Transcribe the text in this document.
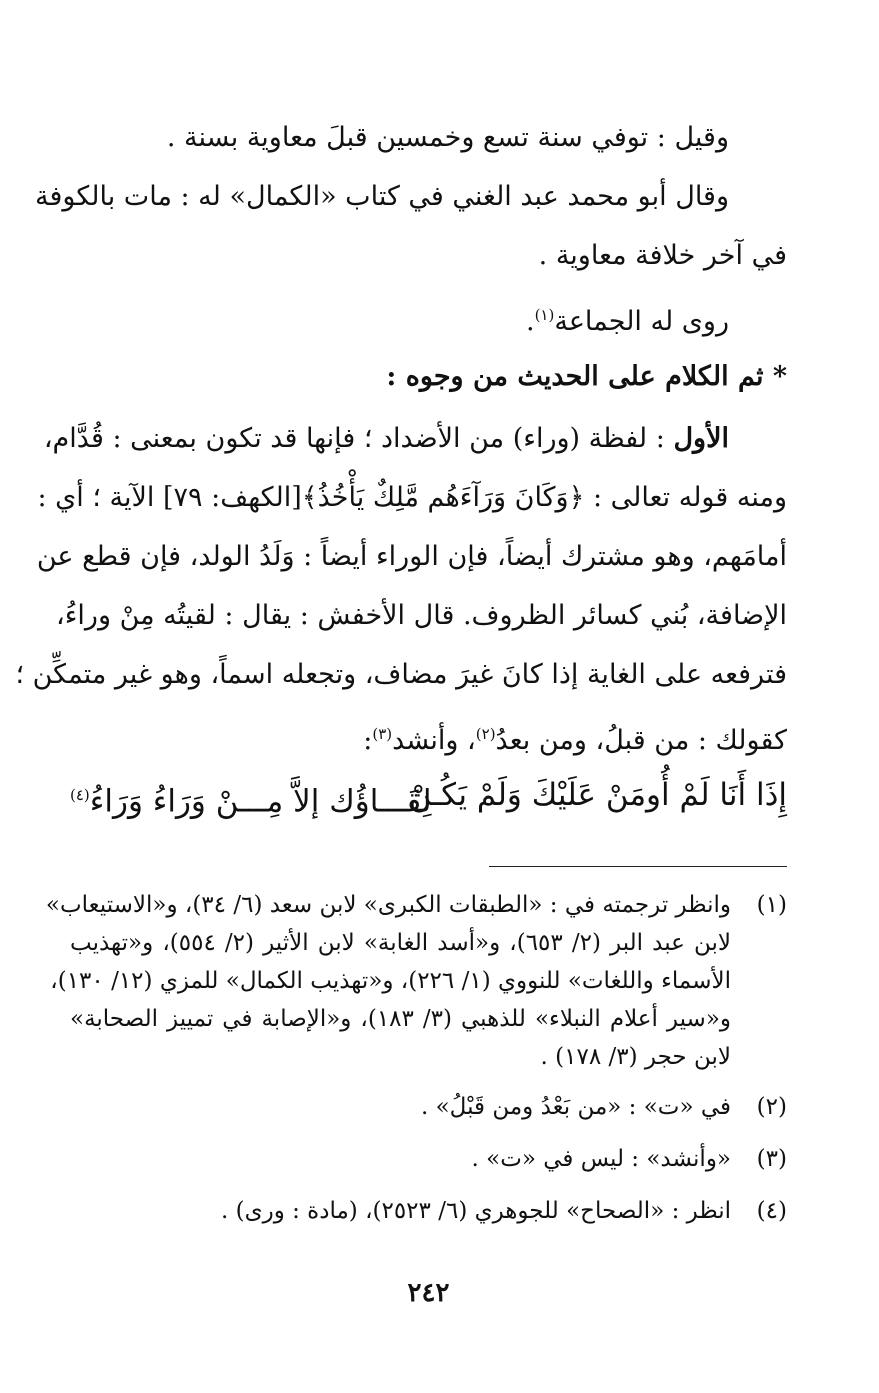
وقيل : توفي سنة تسع وخمسين قبلَ معاوية بسنة .
وقال أبو محمد عبد الغني في كتاب «الكمال» له : مات بالكوفة
في آخر خلافة معاوية .
روى له الجماعة$^{(١)}$.
* ثم الكلام على الحديث من وجوه :
الأول : لفظة (وراء) من الأضداد ؛ فإنها قد تكون بمعنى : قُدَّام،
ومنه قوله تعالى : ﴿وَكَانَ وَرَآءَهُم مَّلِكٌ يَأْخُذُ﴾[الكهف: ٧٩] الآية ؛ أي :
أمامَهم، وهو مشترك أيضاً، فإن الوراء أيضاً : وَلَدُ الولد، فإن قطع عن
الإضافة، بُني كسائر الظروف. قال الأخفش : يقال : لقيتُه مِنْ وراءُ،
فترفعه على الغاية إذا كانَ غيرَ مضاف، وتجعله اسماً، وهو غير متمكِّن ؛
كقولك : من قبلُ، ومن بعدُ$^{(٢)}$، وأنشد$^{(٣)}$:
إِذَا أَنَا لَمْ أُومَنْ عَلَيْكَ وَلَمْ يَكُـنْ
لِقَـــاؤُك إلاَّ مِـــنْ وَرَاءُ وَرَاءُ$^{(٤)}$
(١)
وانظر ترجمته في : «الطبقات الكبرى» لابن سعد (٦/ ٣٤)، و«الاستيعاب»
لابن عبد البر (٢/ ٦٥٣)، و«أسد الغابة» لابن الأثير (٢/ ٥٥٤)، و«تهذيب
الأسماء واللغات» للنووي (١/ ٢٢٦)، و«تهذيب الكمال» للمزي (١٢/ ١٣٠)،
و«سير أعلام النبلاء» للذهبي (٣/ ١٨٣)، و«الإصابة في تمييز الصحابة»
لابن حجر (٣/ ١٧٨) .
(٢)
في «ت» : «من بَعْدُ ومن قَبْلُ» .
(٣)
«وأنشد» : ليس في «ت» .
(٤)
انظر : «الصحاح» للجوهري (٦/ ٢٥٢٣)، (مادة : ورى) .
٢٤٢
